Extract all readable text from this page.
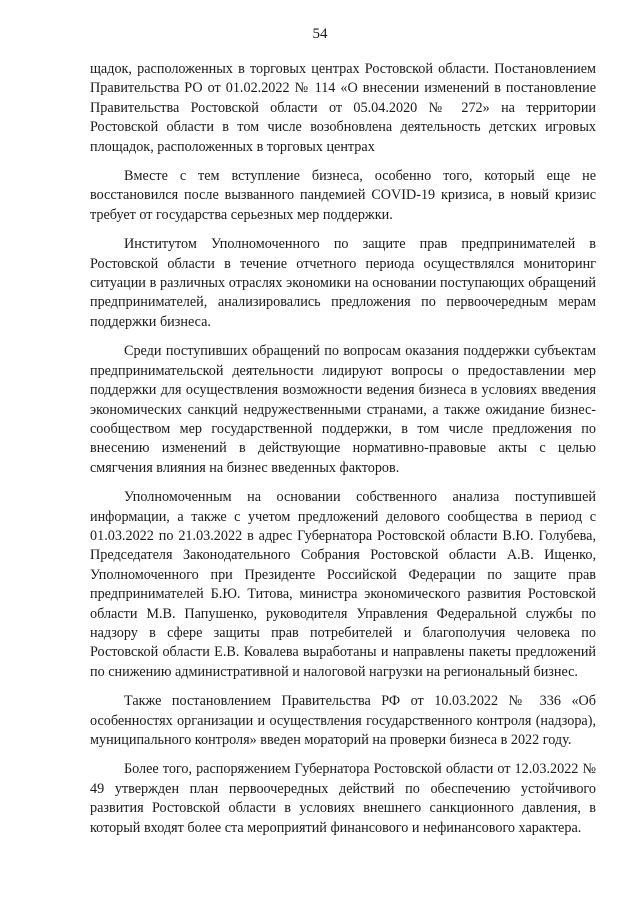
54

щадок, расположенных в торговых центрах Ростовской области. Постановлением Правительства РО от 01.02.2022 № 114 «О внесении изменений в постановление Правительства Ростовской области от 05.04.2020 № 272» на территории Ростовской области в том числе возобновлена деятельность детских игровых площадок, расположенных в торговых центрах

Вместе с тем вступление бизнеса, особенно того, который еще не восстановился после вызванного пандемией COVID-19 кризиса, в новый кризис требует от государства серьезных мер поддержки.

Институтом Уполномоченного по защите прав предпринимателей в Ростовской области в течение отчетного периода осуществлялся мониторинг ситуации в различных отраслях экономики на основании поступающих обращений предпринимателей, анализировались предложения по первоочередным мерам поддержки бизнеса.

Среди поступивших обращений по вопросам оказания поддержки субъектам предпринимательской деятельности лидируют вопросы о предоставлении мер поддержки для осуществления возможности ведения бизнеса в условиях введения экономических санкций недружественными странами, а также ожидание бизнес-сообществом мер государственной поддержки, в том числе предложения по внесению изменений в действующие нормативно-правовые акты с целью смягчения влияния на бизнес введенных факторов.

Уполномоченным на основании собственного анализа поступившей информации, а также с учетом предложений делового сообщества в период с 01.03.2022 по 21.03.2022 в адрес Губернатора Ростовской области В.Ю. Голубева, Председателя Законодательного Собрания Ростовской области А.В. Ищенко, Уполномоченного при Президенте Российской Федерации по защите прав предпринимателей Б.Ю. Титова, министра экономического развития Ростовской области М.В. Папушенко, руководителя Управления Федеральной службы по надзору в сфере защиты прав потребителей и благополучия человека по Ростовской области Е.В. Ковалева выработаны и направлены пакеты предложений по снижению административной и налоговой нагрузки на региональный бизнес.

Также постановлением Правительства РФ от 10.03.2022 № 336 «Об особенностях организации и осуществления государственного контроля (надзора), муниципального контроля» введен мораторий на проверки бизнеса в 2022 году.

Более того, распоряжением Губернатора Ростовской области от 12.03.2022 № 49 утвержден план первоочередных действий по обеспечению устойчивого развития Ростовской области в условиях внешнего санкционного давления, в который входят более ста мероприятий финансового и нефинансового характера.
